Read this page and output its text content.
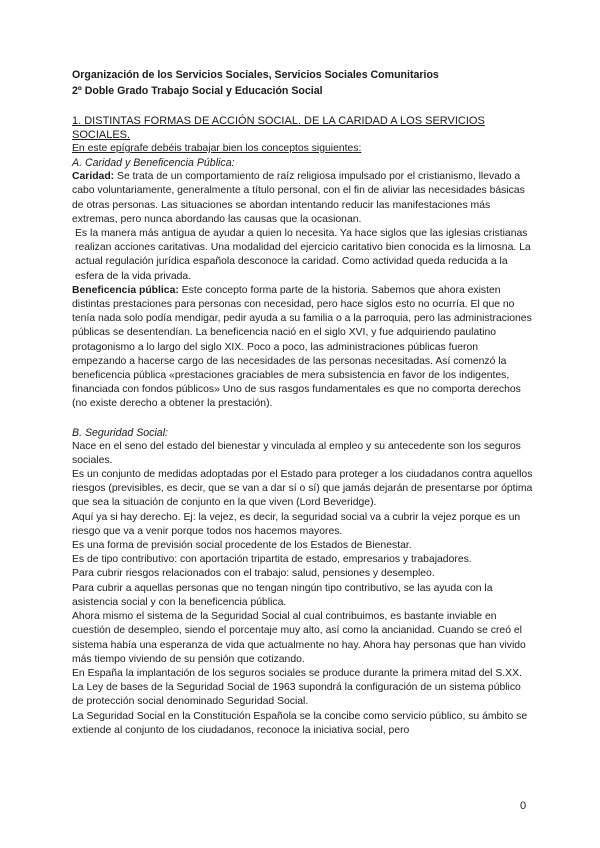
Organización de los Servicios Sociales, Servicios Sociales Comunitarios

2º Doble Grado Trabajo Social y Educación Social

1. DISTINTAS FORMAS DE ACCIÓN SOCIAL. DE LA CARIDAD A LOS SERVICIOS SOCIALES.

En este epígrafe debéis trabajar bien los conceptos siguientes:

A. Caridad y Beneficencia Pública:

Caridad: Se trata de un comportamiento de raíz religiosa impulsado por el cristianismo, llevado a cabo voluntariamente, generalmente a título personal, con el fin de aliviar las necesidades básicas de otras personas. Las situaciones se abordan intentando reducir las manifestaciones más extremas, pero nunca abordando las causas que la ocasionan.

Es la manera más antigua de ayudar a quien lo necesita. Ya hace siglos que las iglesias cristianas realizan acciones caritativas. Una modalidad del ejercicio caritativo bien conocida es la limosna. La actual regulación jurídica española desconoce la caridad. Como actividad queda reducida a la esfera de la vida privada.

Beneficencia pública: Este concepto forma parte de la historia. Sabemos que ahora existen distintas prestaciones para personas con necesidad, pero hace siglos esto no ocurría. El que no tenía nada solo podía mendigar, pedir ayuda a su familia o a la parroquia, pero las administraciones públicas se desentendían. La beneficencia nació en el siglo XVI, y fue adquiriendo paulatino protagonismo a lo largo del siglo XIX. Poco a poco, las administraciones públicas fueron empezando a hacerse cargo de las necesidades de las personas necesitadas. Así comenzó la beneficencia pública «prestaciones graciables de mera subsistencia en favor de los indigentes, financiada con fondos públicos» Uno de sus rasgos fundamentales es que no comporta derechos (no existe derecho a obtener la prestación).

B. Seguridad Social:

Nace en el seno del estado del bienestar y vinculada al empleo y su antecedente son los seguros sociales.

Es un conjunto de medidas adoptadas por el Estado para proteger a los ciudadanos contra aquellos riesgos (previsibles, es decir, que se van a dar sí o sí) que jamás dejarán de presentarse por óptima que sea la situación de conjunto en la que viven (Lord Beveridge).

Aquí ya si hay derecho. Ej: la vejez, es decir, la seguridad social va a cubrir la vejez porque es un riesgo que va a venir porque todos nos hacemos mayores.

Es una forma de previsión social procedente de los Estados de Bienestar.

Es de tipo contributivo: con aportación tripartita de estado, empresarios y trabajadores.

Para cubrir riesgos relacionados con el trabajo: salud, pensiones y desempleo.

Para cubrir a aquellas personas que no tengan ningún tipo contributivo, se las ayuda con la asistencia social y con la beneficencia pública.

Ahora mismo el sistema de la Seguridad Social al cual contribuimos, es bastante inviable en cuestión de desempleo, siendo el porcentaje muy alto, así como la ancianidad. Cuando se creó el sistema había una esperanza de vida que actualmente no hay. Ahora hay personas que han vivido más tiempo viviendo de su pensión que cotizando.

En España la implantación de los seguros sociales se produce durante la primera mitad del S.XX. La Ley de bases de la Seguridad Social de 1963 supondrá la configuración de un sistema público de protección social denominado Seguridad Social.

La Seguridad Social en la Constitución Española se la concibe como servicio público, su ámbito se extiende al conjunto de los ciudadanos, reconoce la iniciativa social, pero

0
